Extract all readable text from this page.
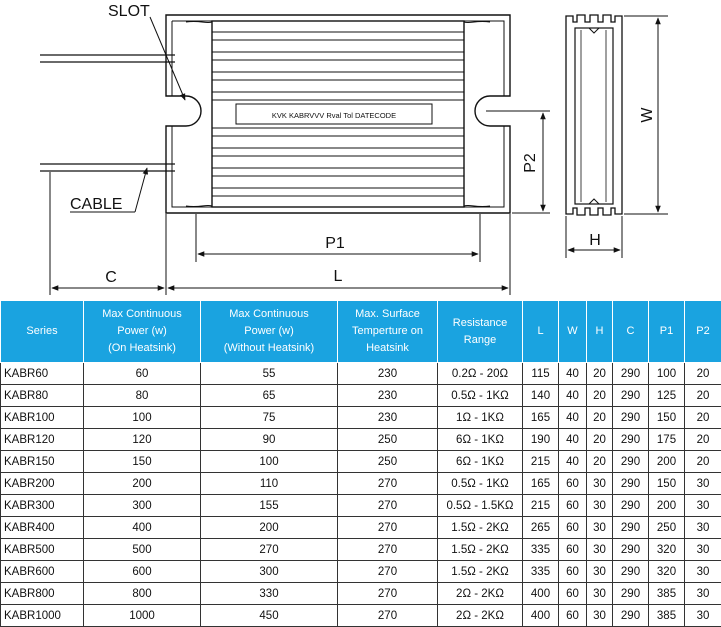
KVK KABRVVV Rval Tol DATECODE
SLOT
CABLE
C	L
P1
P2
W
H
Series	Max Continuous
Power (w)
(On Heatsink)	Max Continuous
Power (w)
(Without Heatsink)	Max. Surface
Temperture on
Heatsink	Resistance
Range	L	W	H	C	P1	P2

KABR60	60	55	230	0.2Ω - 20Ω	115	40	20	290	100	20
KABR80	80	65	230	0.5Ω - 1KΩ	140	40	20	290	125	20
KABR100	100	75	230	1Ω - 1KΩ	165	40	20	290	150	20
KABR120	120	90	250	6Ω - 1KΩ	190	40	20	290	175	20
KABR150	150	100	250	6Ω - 1KΩ	215	40	20	290	200	20
KABR200	200	110	270	0.5Ω - 1KΩ	165	60	30	290	150	30
KABR300	300	155	270	0.5Ω - 1.5KΩ	215	60	30	290	200	30
KABR400	400	200	270	1.5Ω - 2KΩ	265	60	30	290	250	30
KABR500	500	270	270	1.5Ω - 2KΩ	335	60	30	290	320	30
KABR600	600	300	270	1.5Ω - 2KΩ	335	60	30	290	320	30
KABR800	800	330	270	2Ω - 2KΩ	400	60	30	290	385	30
KABR1000	1000	450	270	2Ω - 2KΩ	400	60	30	290	385	30
